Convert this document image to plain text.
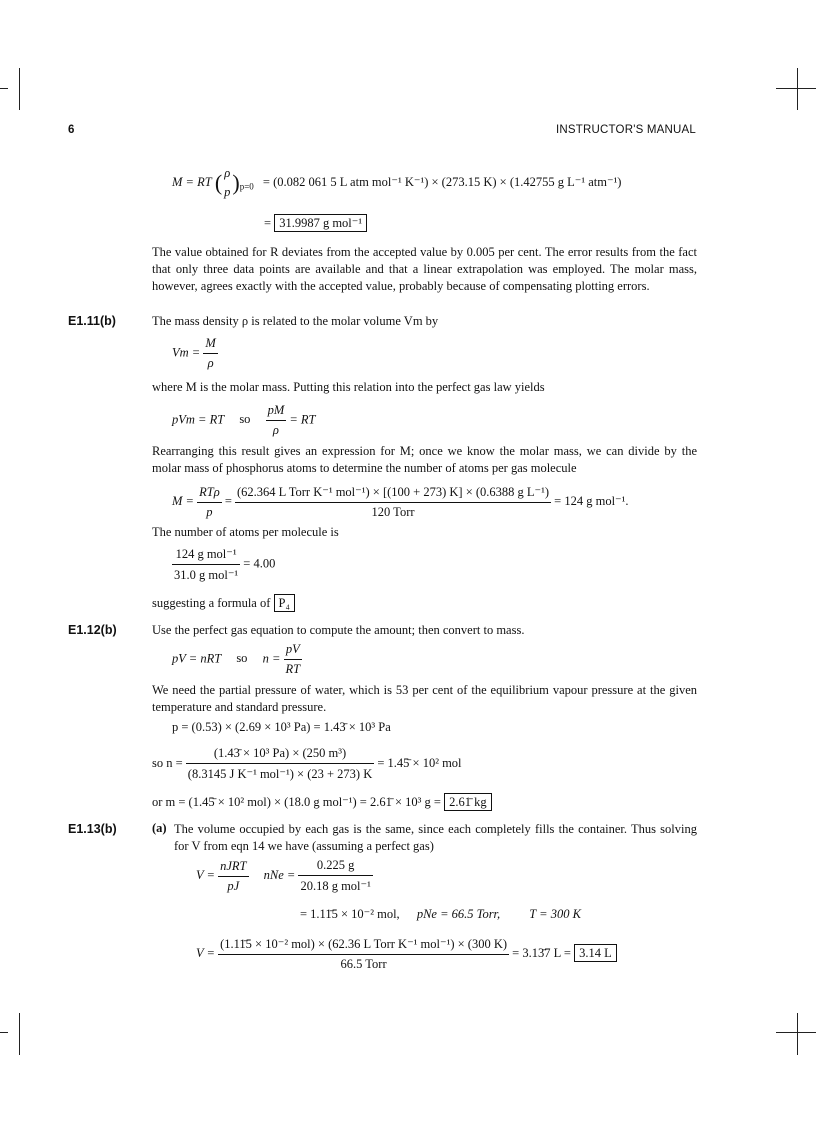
6	INSTRUCTOR'S MANUAL
M = RT ( ρ
p )$_{p=0} = (0.082$ 061 5 L atm mol⁻¹ K⁻¹) × (273.15 K) × (1.42755 g L⁻¹ atm⁻¹)
= 31.9987 g mol⁻¹
The value obtained for R deviates from the accepted value by 0.005 per cent. The error results from the fact that only three data points are available and that a linear extrapolation was employed. The molar mass, however, agrees exactly with the accepted value, probably because of compensating plotting errors.
E1.11(b)	The mass density ρ is related to the molar volume Vm by
$Vm = \frac{M}{\rho}$
where M is the molar mass. Putting this relation into the perfect gas law yields
pVm = RT so $\frac{pM}{\rho}$ = RT
Rearranging this result gives an expression for M; once we know the molar mass, we can divide by the molar mass of phosphorus atoms to determine the number of atoms per gas molecule
$M = \frac{\text{RTρ}}{p} = \frac{\text{(62.364 L Torr K⁻¹ mol⁻¹) × [(100 + 273) K] × (0.6388 g L⁻¹)}}{\text{120 Torr}} = 124$ g mol⁻¹.
The number of atoms per molecule is
$\frac{\text{124 g mol⁻¹}}{\text{31.0 g mol⁻¹}} = 4.00$
suggesting a formula of P₄
E1.12(b)	Use the perfect gas equation to compute the amount; then convert to mass.
pV = nRT so $n = \frac{pV}{RT}$
We need the partial pressure of water, which is 53 per cent of the equilibrium vapour pressure at the given temperature and standard pressure.
p = (0.53) × (2.69 × 10³ Pa) = 1.43̄ × 10³ Pa
so $n = \frac{\text{(1.43̄ × 10³ Pa) × (250 m³)}}{\text{(8.3145 J K⁻¹ mol⁻¹) × (23 + 273) K}}$ = 1.45̄ × 10² mol
or m = (1.45̄ × 10² mol) × (18.0 g mol⁻¹) = 2.61̄ × 10³ g = 2.61̄ kg
E1.13(b)	(a) The volume occupied by each gas is the same, since each completely fills the container. Thus solving for V from eqn 14 we have (assuming a perfect gas)
$V = \frac{\text{nJRT}}{pJ}$ nNe = $\frac{0.225 g}{\text{20.18 g mol⁻¹}}$
= 1.11̄5 × 10⁻² mol, pNe = 66.5 Torr, T = 300 K
$V = \frac{\text{(1.11̄5 × 10⁻² mol) × (62.36 L Torr K⁻¹ mol⁻¹) × (300 K)}}{\text{66.5 Torr}}$ = 3.13̄7 L = 3.14 L
